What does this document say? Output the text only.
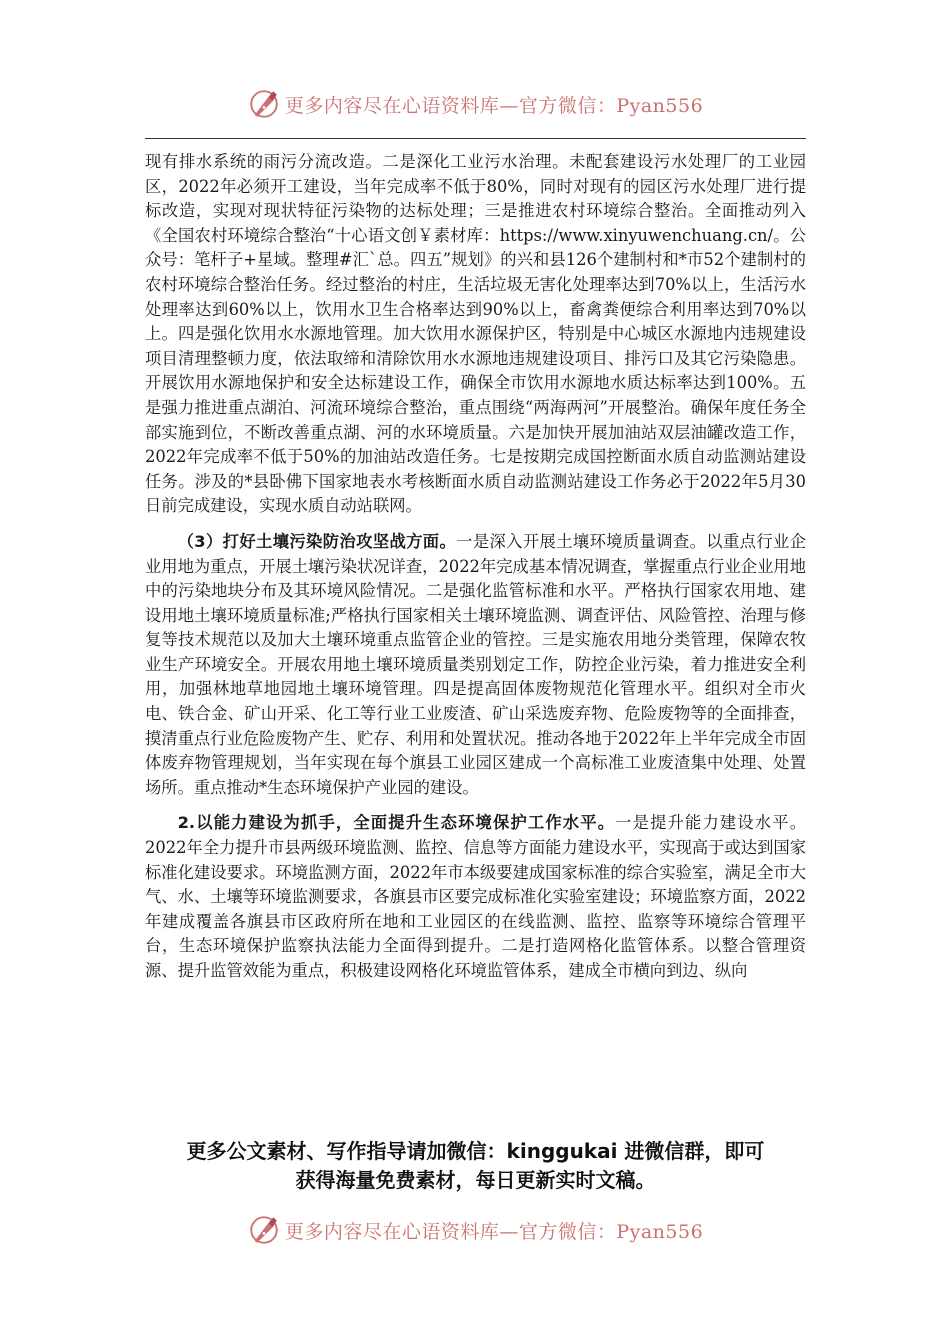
更多内容尽在心语资料库—官方微信：Pyan556

现有排水系统的雨污分流改造。二是深化工业污水治理。未配套建设污水处理厂的工业园区，2022年必须开工建设，当年完成率不低于80%，同时对现有的园区污水处理厂进行提标改造，实现对现状特征污染物的达标处理；三是推进农村环境综合整治。全面推动列入《全国农村环境综合整治“十心语文创￥素材库：https://www.xinyuwenchuang.cn/。公众号：笔杆子+星域。整理#汇`总。四五”规划》的兴和县126个建制村和*市52个建制村的农村环境综合整治任务。经过整治的村庄，生活垃圾无害化处理率达到70%以上，生活污水处理率达到60%以上，饮用水卫生合格率达到90%以上，畜禽粪便综合利用率达到70%以上。四是强化饮用水水源地管理。加大饮用水源保护区，特别是中心城区水源地内违规建设项目清理整顿力度，依法取缔和清除饮用水水源地违规建设项目、排污口及其它污染隐患。开展饮用水源地保护和安全达标建设工作，确保全市饮用水源地水质达标率达到100%。五是强力推进重点湖泊、河流环境综合整治，重点围绕“两海两河”开展整治。确保年度任务全部实施到位，不断改善重点湖、河的水环境质量。六是加快开展加油站双层油罐改造工作，2022年完成率不低于50%的加油站改造任务。七是按期完成国控断面水质自动监测站建设任务。涉及的*县卧佛下国家地表水考核断面水质自动监测站建设工作务必于2022年5月30日前完成建设，实现水质自动站联网。

（3）打好土壤污染防治攻坚战方面。一是深入开展土壤环境质量调查。以重点行业企业用地为重点，开展土壤污染状况详查，2022年完成基本情况调查，掌握重点行业企业用地中的污染地块分布及其环境风险情况。二是强化监管标准和水平。严格执行国家农用地、建设用地土壤环境质量标准;严格执行国家相关土壤环境监测、调查评估、风险管控、治理与修复等技术规范以及加大土壤环境重点监管企业的管控。三是实施农用地分类管理，保障农牧业生产环境安全。开展农用地土壤环境质量类别划定工作，防控企业污染，着力推进安全利用，加强林地草地园地土壤环境管理。四是提高固体废物规范化管理水平。组织对全市火电、铁合金、矿山开采、化工等行业工业废渣、矿山采选废弃物、危险废物等的全面排查，摸清重点行业危险废物产生、贮存、利用和处置状况。推动各地于2022年上半年完成全市固体废弃物管理规划，当年实现在每个旗县工业园区建成一个高标准工业废渣集中处理、处置场所。重点推动*生态环境保护产业园的建设。

2.以能力建设为抓手，全面提升生态环境保护工作水平。一是提升能力建设水平。2022年全力提升市县两级环境监测、监控、信息等方面能力建设水平，实现高于或达到国家标准化建设要求。环境监测方面，2022年市本级要建成国家标准的综合实验室，满足全市大气、水、土壤等环境监测要求，各旗县市区要完成标准化实验室建设；环境监察方面，2022年建成覆盖各旗县市区政府所在地和工业园区的在线监测、监控、监察等环境综合管理平台，生态环境保护监察执法能力全面得到提升。二是打造网格化监管体系。以整合管理资源、提升监管效能为重点，积极建设网格化环境监管体系，建成全市横向到边、纵向

更多公文素材、写作指导请加微信：kinggukai 进微信群，即可
获得海量免费素材，每日更新实时文稿。
更多内容尽在心语资料库—官方微信：Pyan556
